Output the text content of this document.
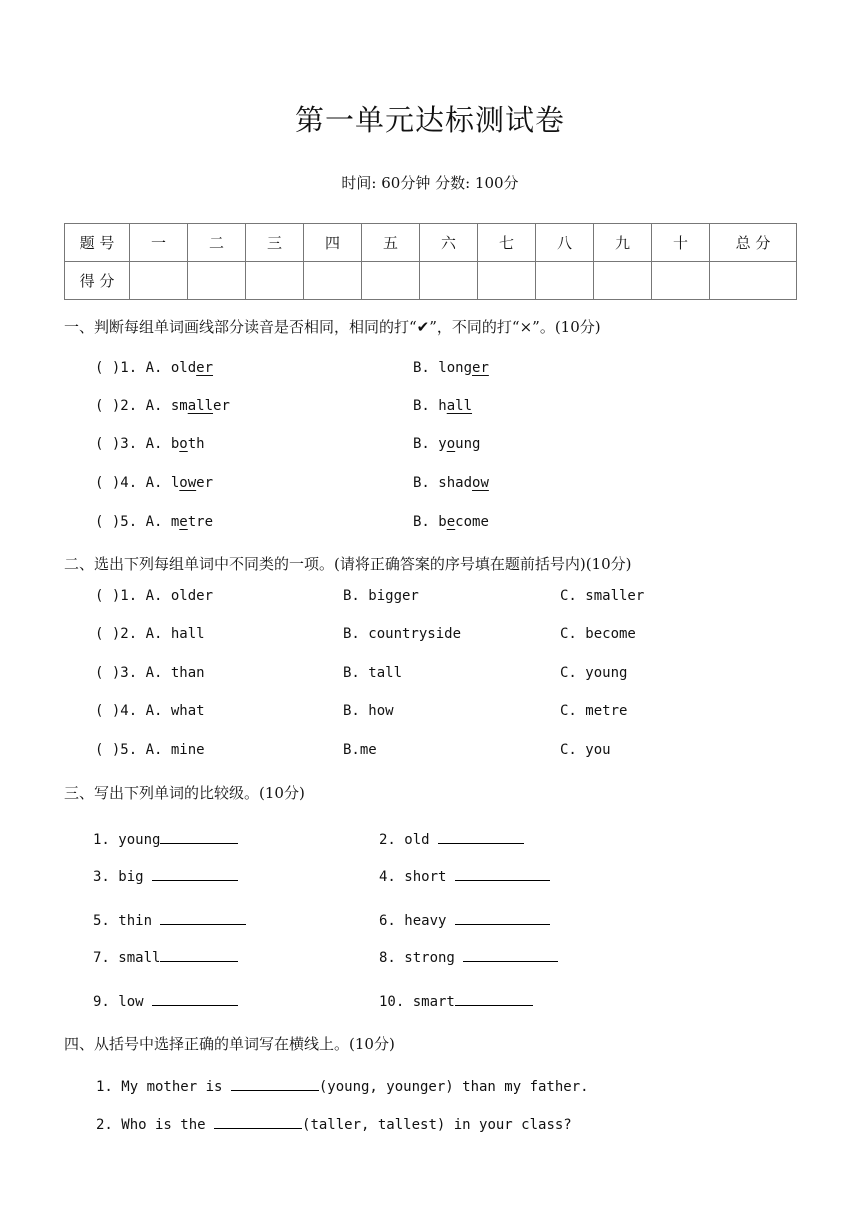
第一单元达标测试卷
时间: 60分钟 分数: 100分
题 号	一	二	三	四	五	六	七	八	九	十	总 分
得 分											
一、判断每组单词画线部分读音是否相同，相同的打“✔”，不同的打“×”。(10分)
( )1. A. older	B. longer
( )2. A. smaller	B. hall
( )3. A. both	B. young
( )4. A. lower	B. shadow
( )5. A. metre	B. become
二、选出下列每组单词中不同类的一项。(请将正确答案的序号填在题前括号内)(10分)
( )1. A. older	B. bigger	C. smaller
( )2. A. hall	B. countryside	C. become
( )3. A. than	B. tall	C. young
( )4. A. what	B. how	C. metre
( )5. A. mine	B.me	C. you
三、写出下列单词的比较级。(10分)
1. young	2. old
3. big	4. short
5. thin	6. heavy
7. small	8. strong
9. low	10. smart
四、从括号中选择正确的单词写在横线上。(10分)
1. My mother is	(young, younger) than my father.
2. Who is the	(taller, tallest) in your class?
